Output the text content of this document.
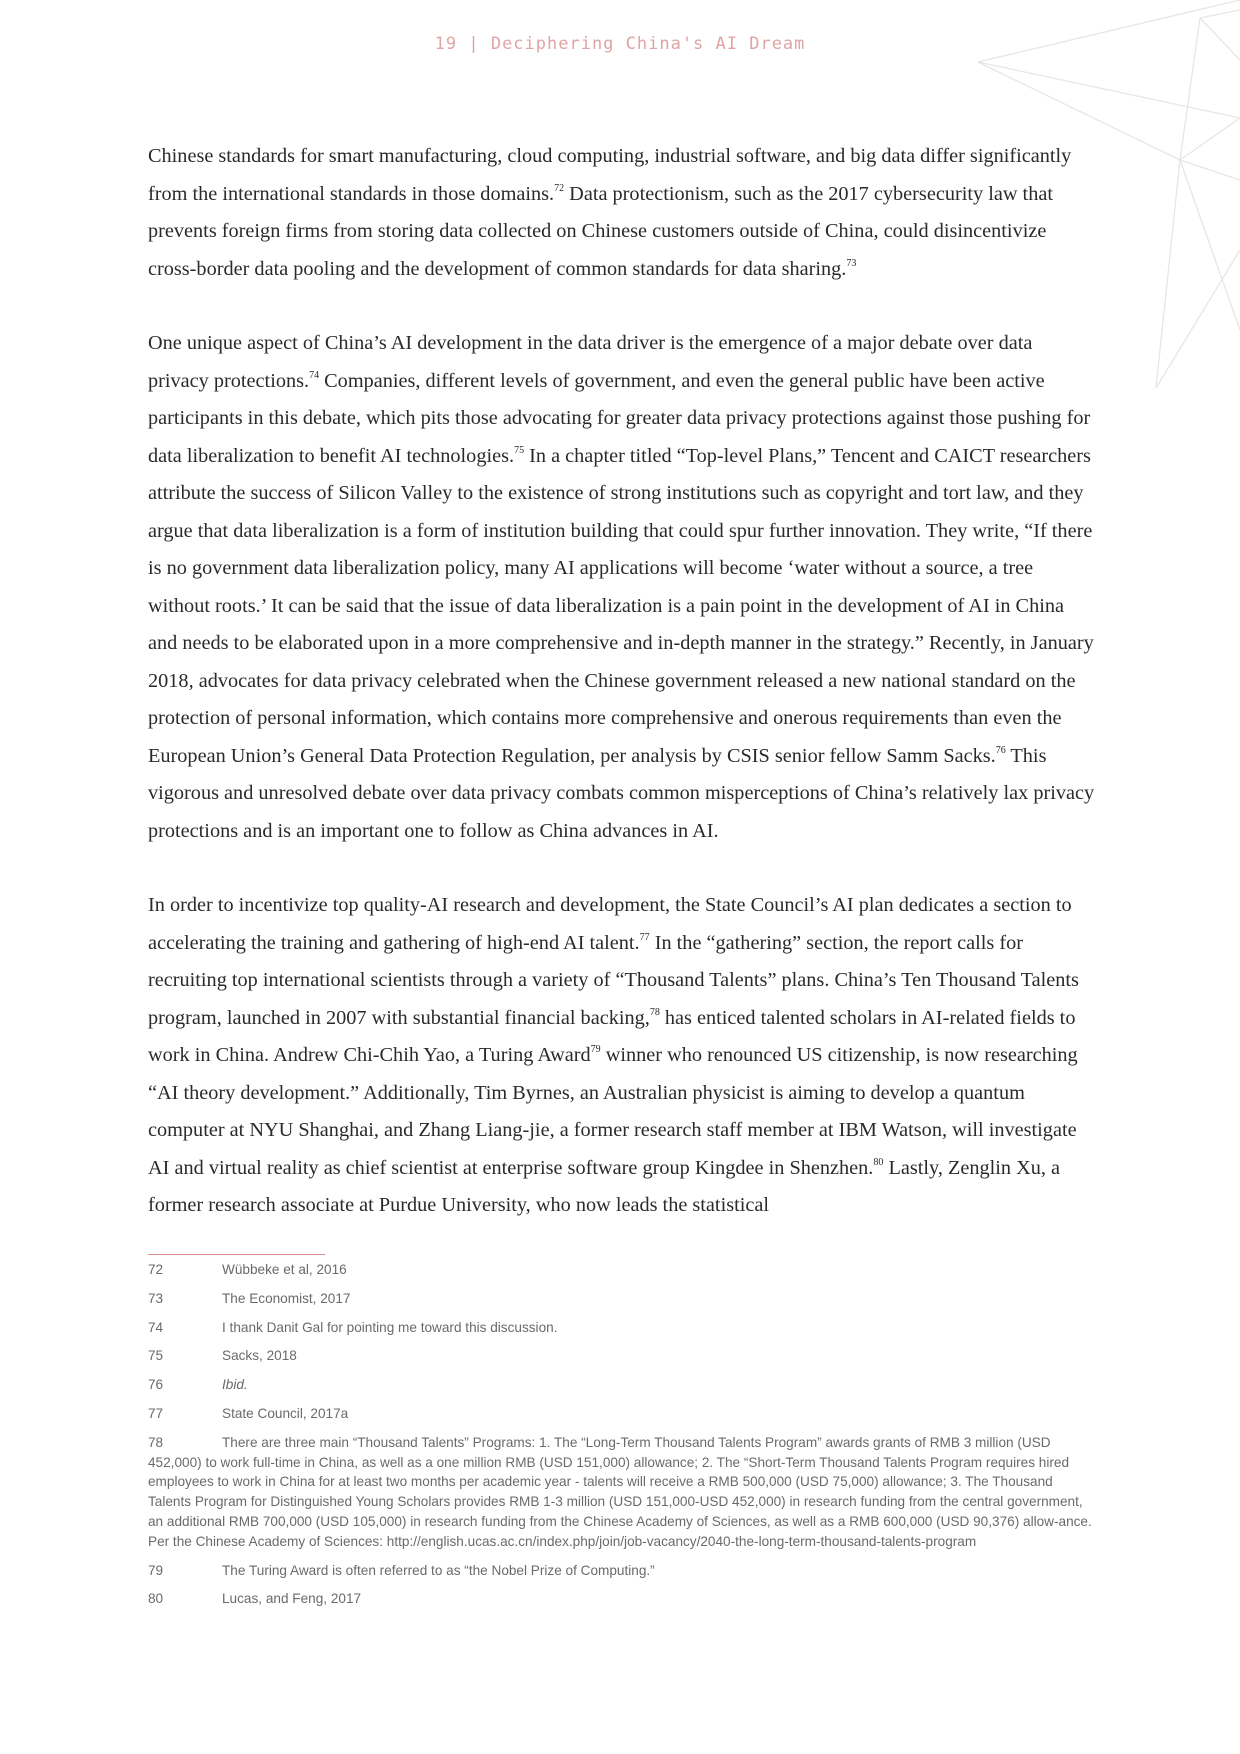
19 | Deciphering China's AI Dream

Chinese standards for smart manufacturing, cloud computing, industrial software, and big data differ significantly from the international standards in those domains.$^{72}$ Data protectionism, such as the 2017 cybersecurity law that prevents foreign firms from storing data collected on Chinese customers outside of China, could disincentivize cross-border data pooling and the development of common standards for data sharing.$^{73}$

One unique aspect of China’s AI development in the data driver is the emergence of a major debate over data privacy protections.$^{74}$ Companies, different levels of government, and even the general public have been active participants in this debate, which pits those advocating for greater data privacy protections against those pushing for data liberalization to benefit AI technologies.$^{75}$ In a chapter titled “Top-level Plans,” Tencent and CAICT researchers attribute the success of Silicon Valley to the existence of strong institutions such as copyright and tort law, and they argue that data liberalization is a form of institution building that could spur further innovation. They write, “If there is no government data liberalization policy, many AI applications will become ‘water without a source, a tree without roots.’ It can be said that the issue of data liberalization is a pain point in the development of AI in China and needs to be elaborated upon in a more comprehensive and in-depth manner in the strategy.” Recently, in January 2018, advocates for data privacy celebrated when the Chinese government released a new national standard on the protection of personal information, which contains more comprehensive and onerous requirements than even the European Union’s General Data Protection Regulation, per analysis by CSIS senior fellow Samm Sacks.$^{76}$ This vigorous and unresolved debate over data privacy combats common misperceptions of China’s relatively lax privacy protections and is an important one to follow as China advances in AI.

In order to incentivize top quality-AI research and development, the State Council’s AI plan dedicates a section to accelerating the training and gathering of high-end AI talent.$^{77}$ In the “gathering” section, the report calls for recruiting top international scientists through a variety of “Thousand Talents” plans. China’s Ten Thousand Talents program, launched in 2007 with substantial financial backing,$^{78}$ has enticed talented scholars in AI-related fields to work in China. Andrew Chi-Chih Yao, a Turing Award$^{79}$ winner who renounced US citizenship, is now researching “AI theory development.” Additionally, Tim Byrnes, an Australian physicist is aiming to develop a quantum computer at NYU Shanghai, and Zhang Liang-jie, a former research staff member at IBM Watson, will investigate AI and virtual reality as chief scientist at enterprise software group Kingdee in Shenzhen.$^{80}$ Lastly, Zenglin Xu, a former research associate at Purdue University, who now leads the statistical

72	Wübbeke et al, 2016
73	The Economist, 2017
74	I thank Danit Gal for pointing me toward this discussion.
75	Sacks, 2018
76	Ibid.
77	State Council, 2017a
78	There are three main “Thousand Talents” Programs: 1. The “Long-Term Thousand Talents Program” awards grants of RMB 3 million (USD 452,000) to work full-time in China, as well as a one million RMB (USD 151,000) allowance; 2. The “Short-Term Thousand Talents Program requires hired employees to work in China for at least two months per academic year - talents will receive a RMB 500,000 (USD 75,000) allowance; 3. The Thousand Talents Program for Distinguished Young Scholars provides RMB 1-3 million (USD 151,000-USD 452,000) in research funding from the central government, an additional RMB 700,000 (USD 105,000) in research funding from the Chinese Academy of Sciences, as well as a RMB 600,000 (USD 90,376) allow-ance. Per the Chinese Academy of Sciences: http://english.ucas.ac.cn/index.php/join/job-vacancy/2040-the-long-term-thousand-talents-program
79	The Turing Award is often referred to as “the Nobel Prize of Computing.”
80	Lucas, and Feng, 2017
